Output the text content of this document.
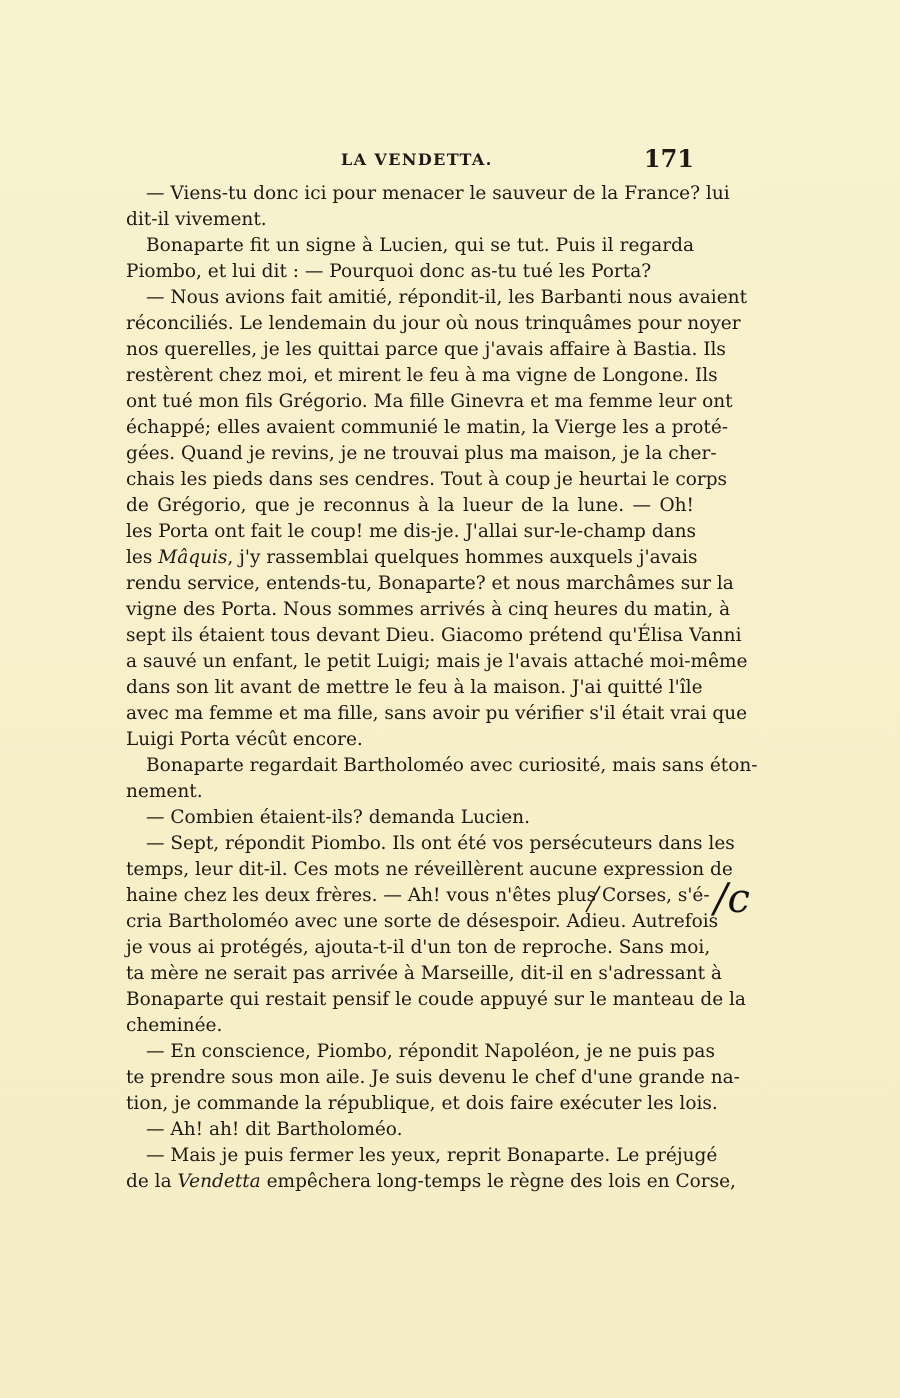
LA VENDETTA.	171
— Viens-tu donc ici pour menacer le sauveur de la France? lui
dit-il vivement.
Bonaparte fit un signe à Lucien, qui se tut. Puis il regarda
Piombo, et lui dit : — Pourquoi donc as-tu tué les Porta?
— Nous avions fait amitié, répondit-il, les Barbanti nous avaient
réconciliés. Le lendemain du jour où nous trinquâmes pour noyer
nos querelles, je les quittai parce que j'avais affaire à Bastia. Ils
restèrent chez moi, et mirent le feu à ma vigne de Longone. Ils
ont tué mon fils Grégorio. Ma fille Ginevra et ma femme leur ont
échappé; elles avaient communié le matin, la Vierge les a proté-
gées. Quand je revins, je ne trouvai plus ma maison, je la cher-
chais les pieds dans ses cendres. Tout à coup je heurtai le corps
de Grégorio, que je reconnus à la lueur de la lune. — Oh!
les Porta ont fait le coup! me dis-je. J'allai sur-le-champ dans
les Mâquis, j'y rassemblai quelques hommes auxquels j'avais
rendu service, entends-tu, Bonaparte? et nous marchâmes sur la
vigne des Porta. Nous sommes arrivés à cinq heures du matin, à
sept ils étaient tous devant Dieu. Giacomo prétend qu'Élisa Vanni
a sauvé un enfant, le petit Luigi; mais je l'avais attaché moi-même
dans son lit avant de mettre le feu à la maison. J'ai quitté l'île
avec ma femme et ma fille, sans avoir pu vérifier s'il était vrai que
Luigi Porta vécût encore.
Bonaparte regardait Bartholoméo avec curiosité, mais sans éton-
nement.
— Combien étaient-ils? demanda Lucien.
— Sept, répondit Piombo. Ils ont été vos persécuteurs dans les
temps, leur dit-il. Ces mots ne réveillèrent aucune expression de
haine chez les deux frères. — Ah! vous n'êtes plus Corses, s'é-
cria Bartholoméo avec une sorte de désespoir. Adieu. Autrefois
je vous ai protégés, ajouta-t-il d'un ton de reproche. Sans moi,
ta mère ne serait pas arrivée à Marseille, dit-il en s'adressant à
Bonaparte qui restait pensif le coude appuyé sur le manteau de la
cheminée.
— En conscience, Piombo, répondit Napoléon, je ne puis pas
te prendre sous mon aile. Je suis devenu le chef d'une grande na-
tion, je commande la république, et dois faire exécuter les lois.
— Ah! ah! dit Bartholoméo.
— Mais je puis fermer les yeux, reprit Bonaparte. Le préjugé
de la Vendetta empêchera long-temps le règne des lois en Corse,
/c
